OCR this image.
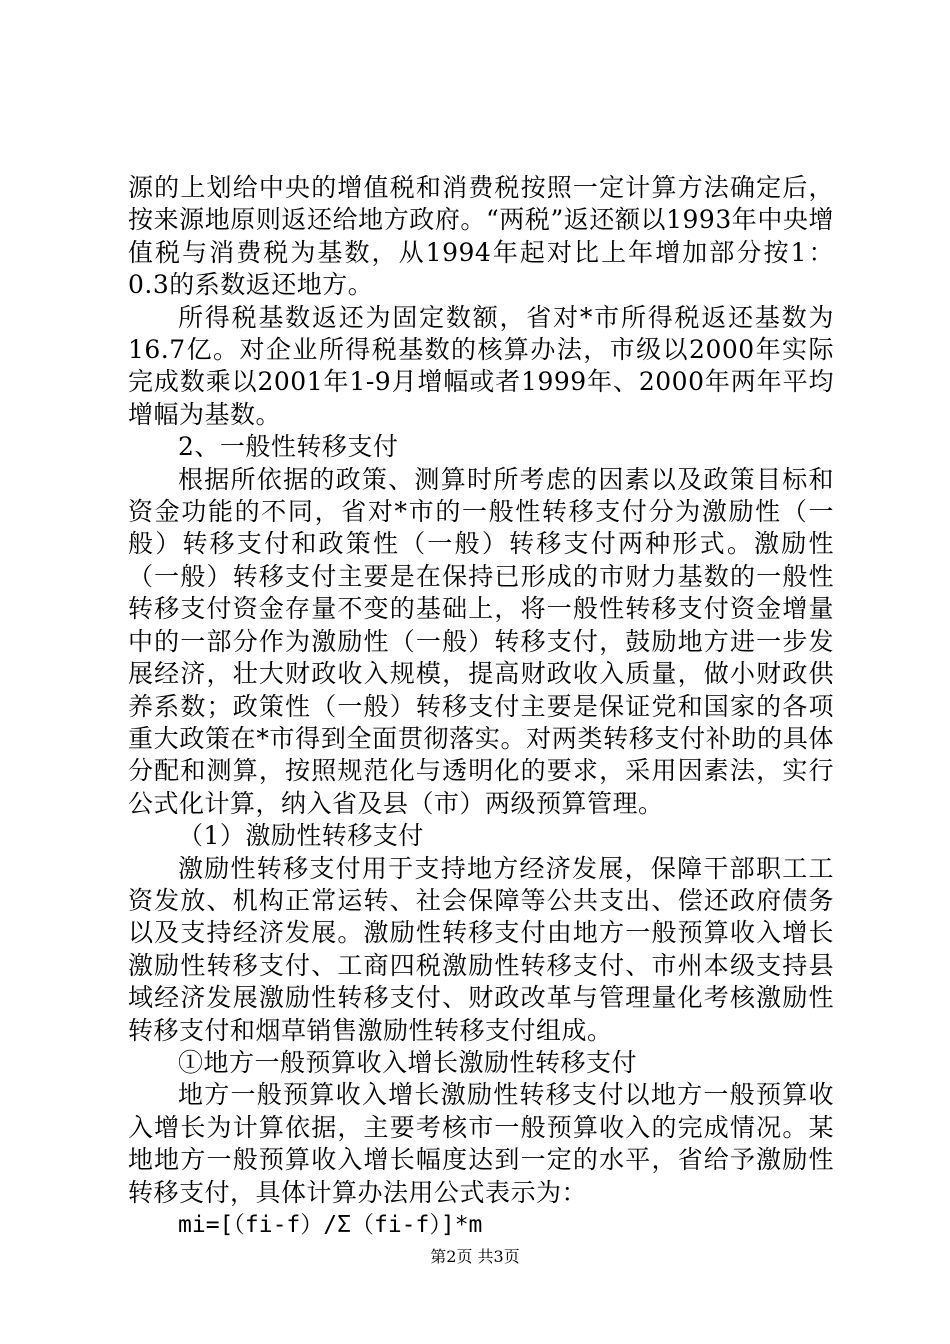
源的上划给中央的增值税和消费税按照一定计算方法确定后，按来源地原则返还给地方政府。“两税”返还额以1993年中央增值税与消费税为基数，从1994年起对比上年增加部分按1：0.3的系数返还地方。

所得税基数返还为固定数额，省对*市所得税返还基数为16.7亿。对企业所得税基数的核算办法，市级以2000年实际完成数乘以2001年1-9月增幅或者1999年、2000年两年平均增幅为基数。

2、一般性转移支付

根据所依据的政策、测算时所考虑的因素以及政策目标和资金功能的不同，省对*市的一般性转移支付分为激励性（一般）转移支付和政策性（一般）转移支付两种形式。激励性（一般）转移支付主要是在保持已形成的市财力基数的一般性转移支付资金存量不变的基础上，将一般性转移支付资金增量中的一部分作为激励性（一般）转移支付，鼓励地方进一步发展经济，壮大财政收入规模，提高财政收入质量，做小财政供养系数；政策性（一般）转移支付主要是保证党和国家的各项重大政策在*市得到全面贯彻落实。对两类转移支付补助的具体分配和测算，按照规范化与透明化的要求，采用因素法，实行公式化计算，纳入省及县（市）两级预算管理。

（1）激励性转移支付

激励性转移支付用于支持地方经济发展，保障干部职工工资发放、机构正常运转、社会保障等公共支出、偿还政府债务以及支持经济发展。激励性转移支付由地方一般预算收入增长激励性转移支付、工商四税激励性转移支付、市州本级支持县域经济发展激励性转移支付、财政改革与管理量化考核激励性转移支付和烟草销售激励性转移支付组成。

①地方一般预算收入增长激励性转移支付

地方一般预算收入增长激励性转移支付以地方一般预算收入增长为计算依据，主要考核市一般预算收入的完成情况。某地地方一般预算收入增长幅度达到一定的水平，省给予激励性转移支付，具体计算办法用公式表示为：

mi=[（fi-f）/Σ（fi-f）]*m

第2页 共3页
